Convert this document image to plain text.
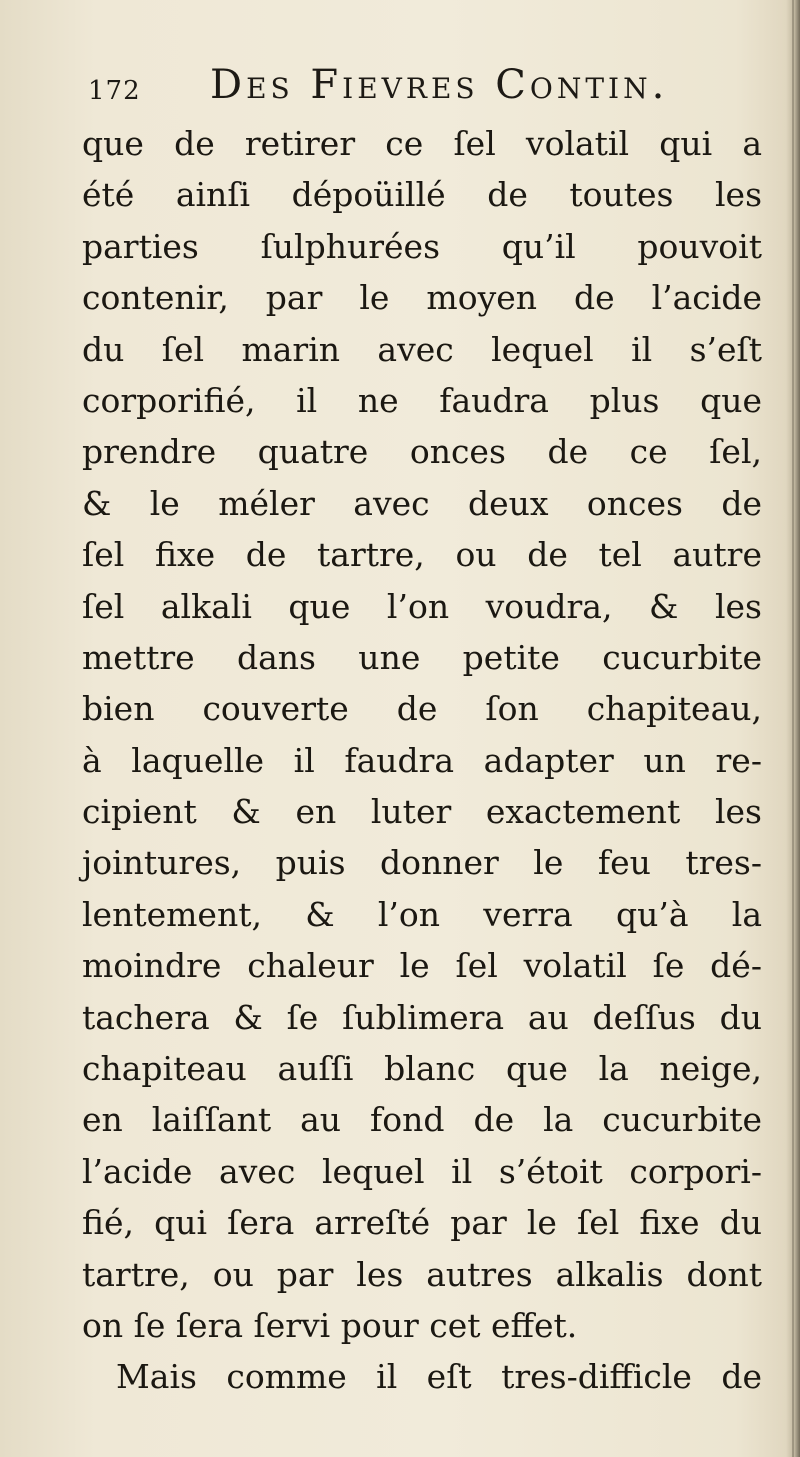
172 Des Fievres Contin.
que de retirer ce ſel volatil qui a
été ainſi dépoüillé de toutes les
parties ſulphurées qu’il pouvoit
contenir, par le moyen de l’acide
du ſel marin avec lequel il s’eſt
corporifié, il ne faudra plus que
prendre quatre onces de ce ſel,
& le méler avec deux onces de
ſel fixe de tartre, ou de tel autre
ſel alkali que l’on voudra, & les
mettre dans une petite cucurbite
bien couverte de ſon chapiteau,
à laquelle il faudra adapter un re-
cipient & en luter exactement les
jointures, puis donner le feu tres-
lentement, & l’on verra qu’à la
moindre chaleur le ſel volatil ſe dé-
tachera & ſe ſublimera au deſſus du
chapiteau auſſi blanc que la neige,
en laiſſant au fond de la cucurbite
l’acide avec lequel il s’étoit corpori-
fié, qui ſera arreſté par le ſel fixe du
tartre, ou par les autres alkalis dont
on ſe ſera ſervi pour cet effet.
Mais comme il eſt tres-difficle de
